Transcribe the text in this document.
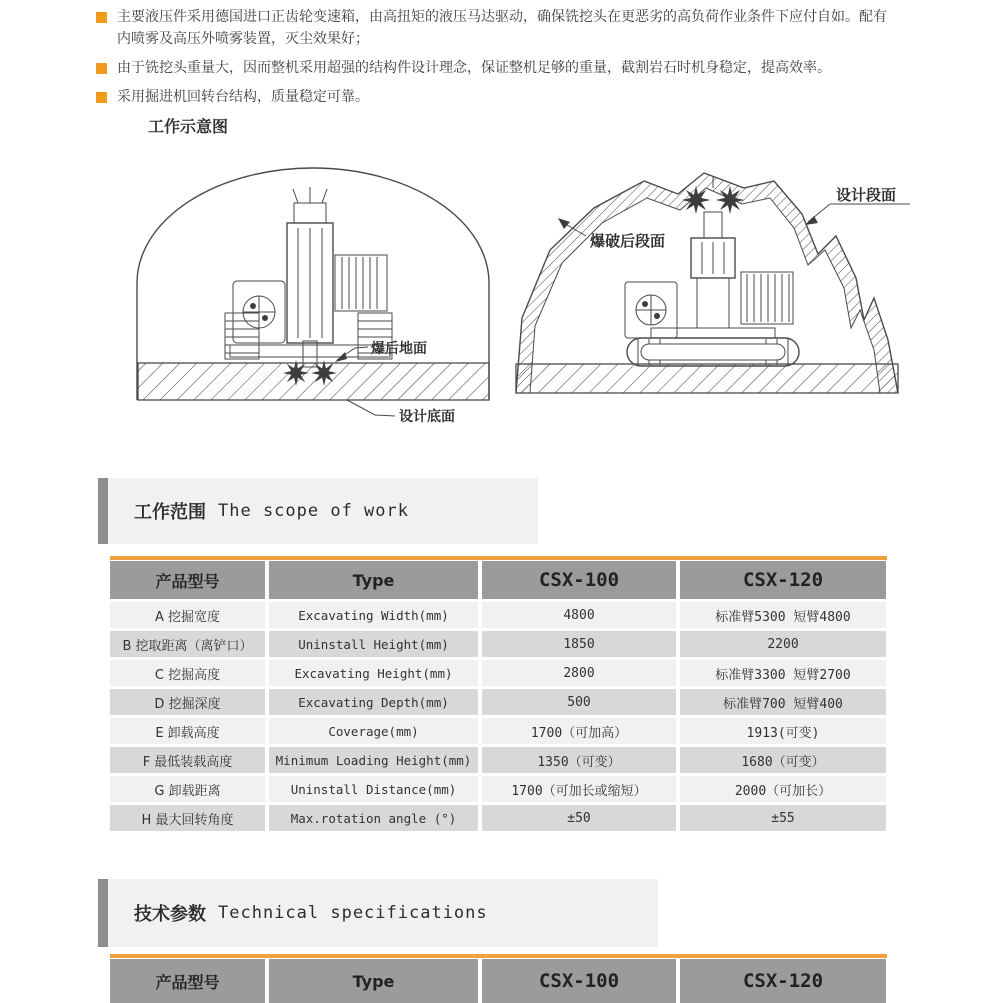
主要液压件采用德国进口正齿轮变速箱，由高扭矩的液压马达驱动，确保铣挖头在更恶劣的高负荷作业条件下应付自如。配有内喷雾及高压外喷雾装置，灭尘效果好；
由于铣挖头重量大，因而整机采用超强的结构件设计理念，保证整机足够的重量，截割岩石时机身稳定，提高效率。
采用掘进机回转台结构，质量稳定可靠。
工作示意图
爆后地面
设计底面
爆破后段面
设计段面
工作范围 The scope of work
产品型号	Type	CSX-100	CSX-120
A 挖掘宽度	Excavating Width(mm)	4800	标准臂5300 短臂4800
B 挖取距离（离铲口）	Uninstall Height(mm)	1850	2200
C 挖掘高度	Excavating Height(mm)	2800	标准臂3300 短臂2700
D 挖掘深度	Excavating Depth(mm)	500	标准臂700 短臂400
E 卸载高度	Coverage(mm)	1700（可加高）	1913(可变)
F 最低装载高度	Minimum Loading Height(mm)	1350（可变）	1680（可变）
G 卸载距离	Uninstall Distance(mm)	1700（可加长或缩短）	2000（可加长）
H 最大回转角度	Max.rotation angle (°)	±50	±55
技术参数 Technical specifications
产品型号	Type	CSX-100	CSX-120
